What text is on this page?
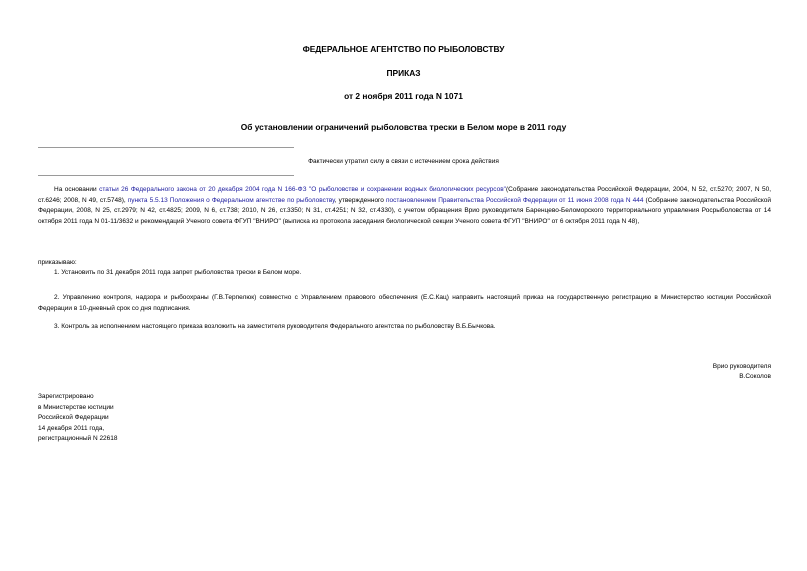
ФЕДЕРАЛЬНОЕ АГЕНТСТВО ПО РЫБОЛОВСТВУ
ПРИКАЗ
от 2 ноября 2011 года N 1071
Об установлении ограничений рыболовства трески в Белом море в 2011 году
Фактически утратил силу в связи с истечением срока действия
На основании статьи 26 Федерального закона от 20 декабря 2004 года N 166-ФЗ "О рыболовстве и сохранении водных биологических ресурсов"(Собрание законодательства Российской Федерации, 2004, N 52, ст.5270; 2007, N 50, ст.6246; 2008, N 49, ст.5748), пункта 5.5.13 Положения о Федеральном агентстве по рыболовству, утвержденного постановлением Правительства Российской Федерации от 11 июня 2008 года N 444 (Собрание законодательства Российской Федерации, 2008, N 25, ст.2979; N 42, ст.4825; 2009, N 6, ст.738; 2010, N 26, ст.3350; N 31, ст.4251; N 32, ст.4330), с учетом обращения Врио руководителя Баренцево-Беломорского территориального управления Росрыболовства от 14 октября 2011 года N 01-11/3632 и рекомендаций Ученого совета ФГУП "ВНИРО" (выписка из протокола заседания биологической секции Ученого совета ФГУП "ВНИРО" от 6 октября 2011 года N 48),
приказываю:
1. Установить по 31 декабря 2011 года запрет рыболовства трески в Белом море.
2. Управлению контроля, надзора и рыбоохраны (Г.В.Терпелюк) совместно с Управлением правового обеспечения (Е.С.Кац) направить настоящий приказ на государственную регистрацию в Министерство юстиции Российской Федерации в 10-дневный срок со дня подписания.
3. Контроль за исполнением настоящего приказа возложить на заместителя руководителя Федерального агентства по рыболовству В.Б.Бычкова.
Врио руководителя
В.Соколов
Зарегистрировано
в Министерстве юстиции
Российской Федерации
14 декабря 2011 года,
регистрационный N 22618
